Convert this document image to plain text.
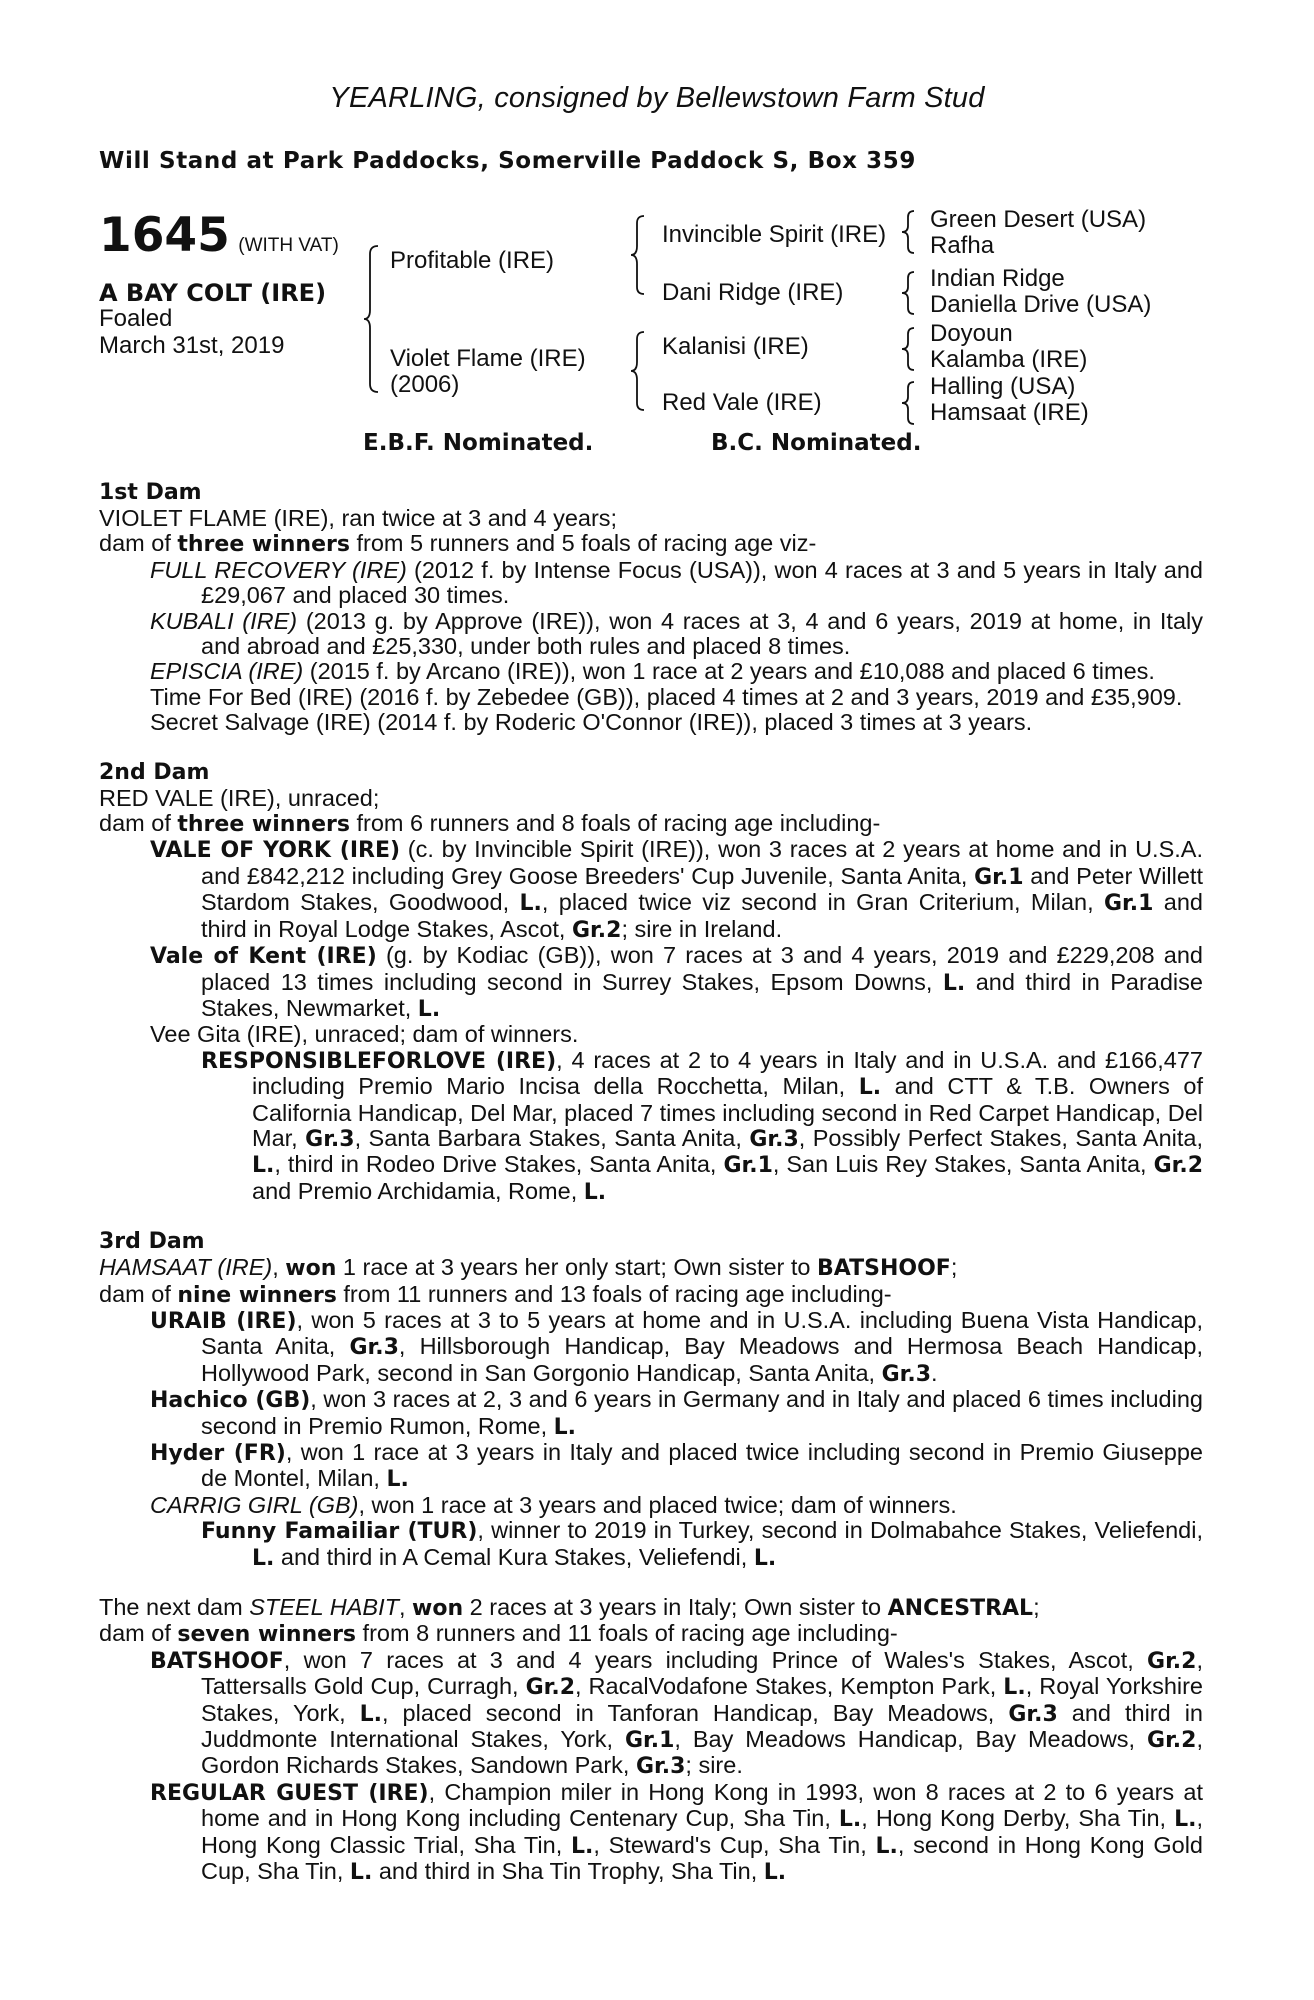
YEARLING, consigned by Bellewstown Farm Stud
Will Stand at Park Paddocks, Somerville Paddock S, Box 359
1645 (WITH VAT)
A BAY COLT (IRE)
Foaled
March 31st, 2019
Profitable (IRE)
Violet Flame (IRE)
(2006)
Invincible Spirit (IRE)
Dani Ridge (IRE)
Kalanisi (IRE)
Red Vale (IRE)
Green Desert (USA)
Rafha
Indian Ridge
Daniella Drive (USA)
Doyoun
Kalamba (IRE)
Halling (USA)
Hamsaat (IRE)
E.B.F. Nominated.	B.C. Nominated.
1st Dam

VIOLET FLAME (IRE), ran twice at 3 and 4 years;

dam of three winners from 5 runners and 5 foals of racing age viz-

FULL RECOVERY (IRE) (2012 f. by Intense Focus (USA)), won 4 races at 3 and 5 years in Italy and £29,067 and placed 30 times.

KUBALI (IRE) (2013 g. by Approve (IRE)), won 4 races at 3, 4 and 6 years, 2019 at home, in Italy and abroad and £25,330, under both rules and placed 8 times.

EPISCIA (IRE) (2015 f. by Arcano (IRE)), won 1 race at 2 years and £10,088 and placed 6 times.

Time For Bed (IRE) (2016 f. by Zebedee (GB)), placed 4 times at 2 and 3 years, 2019 and £35,909.

Secret Salvage (IRE) (2014 f. by Roderic O'Connor (IRE)), placed 3 times at 3 years.

2nd Dam

RED VALE (IRE), unraced;

dam of three winners from 6 runners and 8 foals of racing age including-

VALE OF YORK (IRE) (c. by Invincible Spirit (IRE)), won 3 races at 2 years at home and in U.S.A. and £842,212 including Grey Goose Breeders' Cup Juvenile, Santa Anita, Gr.1 and Peter Willett Stardom Stakes, Goodwood, L., placed twice viz second in Gran Criterium, Milan, Gr.1 and third in Royal Lodge Stakes, Ascot, Gr.2; sire in Ireland.

Vale of Kent (IRE) (g. by Kodiac (GB)), won 7 races at 3 and 4 years, 2019 and £229,208 and placed 13 times including second in Surrey Stakes, Epsom Downs, L. and third in Paradise Stakes, Newmarket, L.

Vee Gita (IRE), unraced; dam of winners.

RESPONSIBLEFORLOVE (IRE), 4 races at 2 to 4 years in Italy and in U.S.A. and £166,477 including Premio Mario Incisa della Rocchetta, Milan, L. and CTT & T.B. Owners of California Handicap, Del Mar, placed 7 times including second in Red Carpet Handicap, Del Mar, Gr.3, Santa Barbara Stakes, Santa Anita, Gr.3, Possibly Perfect Stakes, Santa Anita, L., third in Rodeo Drive Stakes, Santa Anita, Gr.1, San Luis Rey Stakes, Santa Anita, Gr.2 and Premio Archidamia, Rome, L.

3rd Dam

HAMSAAT (IRE), won 1 race at 3 years her only start; Own sister to BATSHOOF;

dam of nine winners from 11 runners and 13 foals of racing age including-

URAIB (IRE), won 5 races at 3 to 5 years at home and in U.S.A. including Buena Vista Handicap, Santa Anita, Gr.3, Hillsborough Handicap, Bay Meadows and Hermosa Beach Handicap, Hollywood Park, second in San Gorgonio Handicap, Santa Anita, Gr.3.

Hachico (GB), won 3 races at 2, 3 and 6 years in Germany and in Italy and placed 6 times including second in Premio Rumon, Rome, L.

Hyder (FR), won 1 race at 3 years in Italy and placed twice including second in Premio Giuseppe de Montel, Milan, L.

CARRIG GIRL (GB), won 1 race at 3 years and placed twice; dam of winners.

Funny Famailiar (TUR), winner to 2019 in Turkey, second in Dolmabahce Stakes, Veliefendi, L. and third in A Cemal Kura Stakes, Veliefendi, L.

The next dam STEEL HABIT, won 2 races at 3 years in Italy; Own sister to ANCESTRAL;

dam of seven winners from 8 runners and 11 foals of racing age including-

BATSHOOF, won 7 races at 3 and 4 years including Prince of Wales's Stakes, Ascot, Gr.2, Tattersalls Gold Cup, Curragh, Gr.2, RacalVodafone Stakes, Kempton Park, L., Royal Yorkshire Stakes, York, L., placed second in Tanforan Handicap, Bay Meadows, Gr.3 and third in Juddmonte International Stakes, York, Gr.1, Bay Meadows Handicap, Bay Meadows, Gr.2, Gordon Richards Stakes, Sandown Park, Gr.3; sire.

REGULAR GUEST (IRE), Champion miler in Hong Kong in 1993, won 8 races at 2 to 6 years at home and in Hong Kong including Centenary Cup, Sha Tin, L., Hong Kong Derby, Sha Tin, L., Hong Kong Classic Trial, Sha Tin, L., Steward's Cup, Sha Tin, L., second in Hong Kong Gold Cup, Sha Tin, L. and third in Sha Tin Trophy, Sha Tin, L.
